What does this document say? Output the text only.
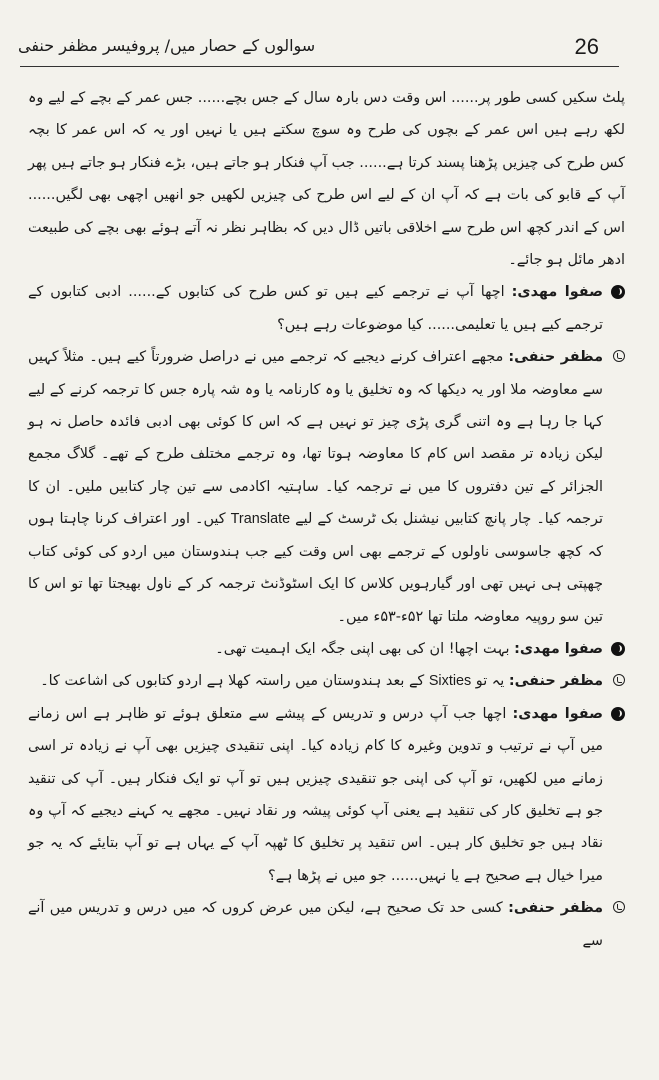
سوالوں کے حصار میں/ پروفیسر مظفر حنفی	26

پلٹ سکیں کسی طور پر...... اس وقت دس بارہ سال کے جس بچے...... جس عمر کے بچے کے لیے وہ لکھ رہے ہیں اس عمر کے بچوں کی طرح وہ سوچ سکتے ہیں یا نہیں اور یہ کہ اس عمر کا بچہ کس طرح کی چیزیں پڑھنا پسند کرتا ہے...... جب آپ فنکار ہو جاتے ہیں، بڑے فنکار ہو جاتے ہیں پھر آپ کے قابو کی بات ہے کہ آپ ان کے لیے اس طرح کی چیزیں لکھیں جو انھیں اچھی بھی لگیں...... اس کے اندر کچھ اس طرح سے اخلاقی باتیں ڈال دیں کہ بظاہر نظر نہ آتے ہوئے بھی بچے کی طبیعت ادھر مائل ہو جائے۔

صفوا مھدی: اچھا آپ نے ترجمے کیے ہیں تو کس طرح کی کتابوں کے...... ادبی کتابوں کے ترجمے کیے ہیں یا تعلیمی...... کیا موضوعات رہے ہیں؟

مظفر حنفی: مجھے اعتراف کرنے دیجیے کہ ترجمے میں نے دراصل ضرورتاً کیے ہیں۔ مثلاً کہیں سے معاوضہ ملا اور یہ دیکھا کہ وہ تخلیق یا وہ کارنامہ یا وہ شہ پارہ جس کا ترجمہ کرنے کے لیے کہا جا رہا ہے وہ اتنی گری پڑی چیز تو نہیں ہے کہ اس کا کوئی بھی ادبی فائدہ حاصل نہ ہو لیکن زیادہ تر مقصد اس کام کا معاوضہ ہوتا تھا، وہ ترجمے مختلف طرح کے تھے۔ گلاگ مجمع الجزائر کے تین دفتروں کا میں نے ترجمہ کیا۔ ساہتیہ اکادمی سے تین چار کتابیں ملیں۔ ان کا ترجمہ کیا۔ چار پانچ کتابیں نیشنل بک ٹرسٹ کے لیے Translate کیں۔ اور اعتراف کرنا چاہتا ہوں کہ کچھ جاسوسی ناولوں کے ترجمے بھی اس وقت کیے جب ہندوستان میں اردو کی کوئی کتاب چھپتی ہی نہیں تھی اور گیارہویں کلاس کا ایک اسٹوڈنٹ ترجمہ کر کے ناول بھیجتا تھا تو اس کا تین سو روپیہ معاوضہ ملتا تھا ۵۲ء-۵۳ء میں۔

صفوا مھدی: بہت اچھا! ان کی بھی اپنی جگہ ایک اہمیت تھی۔

مظفر حنفی: یہ تو Sixties کے بعد ہندوستان میں راستہ کھلا ہے اردو کتابوں کی اشاعت کا۔

صفوا مھدی: اچھا جب آپ درس و تدریس کے پیشے سے متعلق ہوئے تو ظاہر ہے اس زمانے میں آپ نے ترتیب و تدوین وغیرہ کا کام زیادہ کیا۔ اپنی تنقیدی چیزیں بھی آپ نے زیادہ تر اسی زمانے میں لکھیں، تو آپ کی اپنی جو تنقیدی چیزیں ہیں تو آپ تو ایک فنکار ہیں۔ آپ کی تنقید جو ہے تخلیق کار کی تنقید ہے یعنی آپ کوئی پیشہ ور نقاد نہیں۔ مجھے یہ کہنے دیجیے کہ آپ وہ نقاد ہیں جو تخلیق کار ہیں۔ اس تنقید پر تخلیق کا ٹھپہ آپ کے یہاں ہے تو آپ بتایئے کہ یہ جو میرا خیال ہے صحیح ہے یا نہیں...... جو میں نے پڑھا ہے؟

مظفر حنفی: کسی حد تک صحیح ہے، لیکن میں عرض کروں کہ میں درس و تدریس میں آنے سے
